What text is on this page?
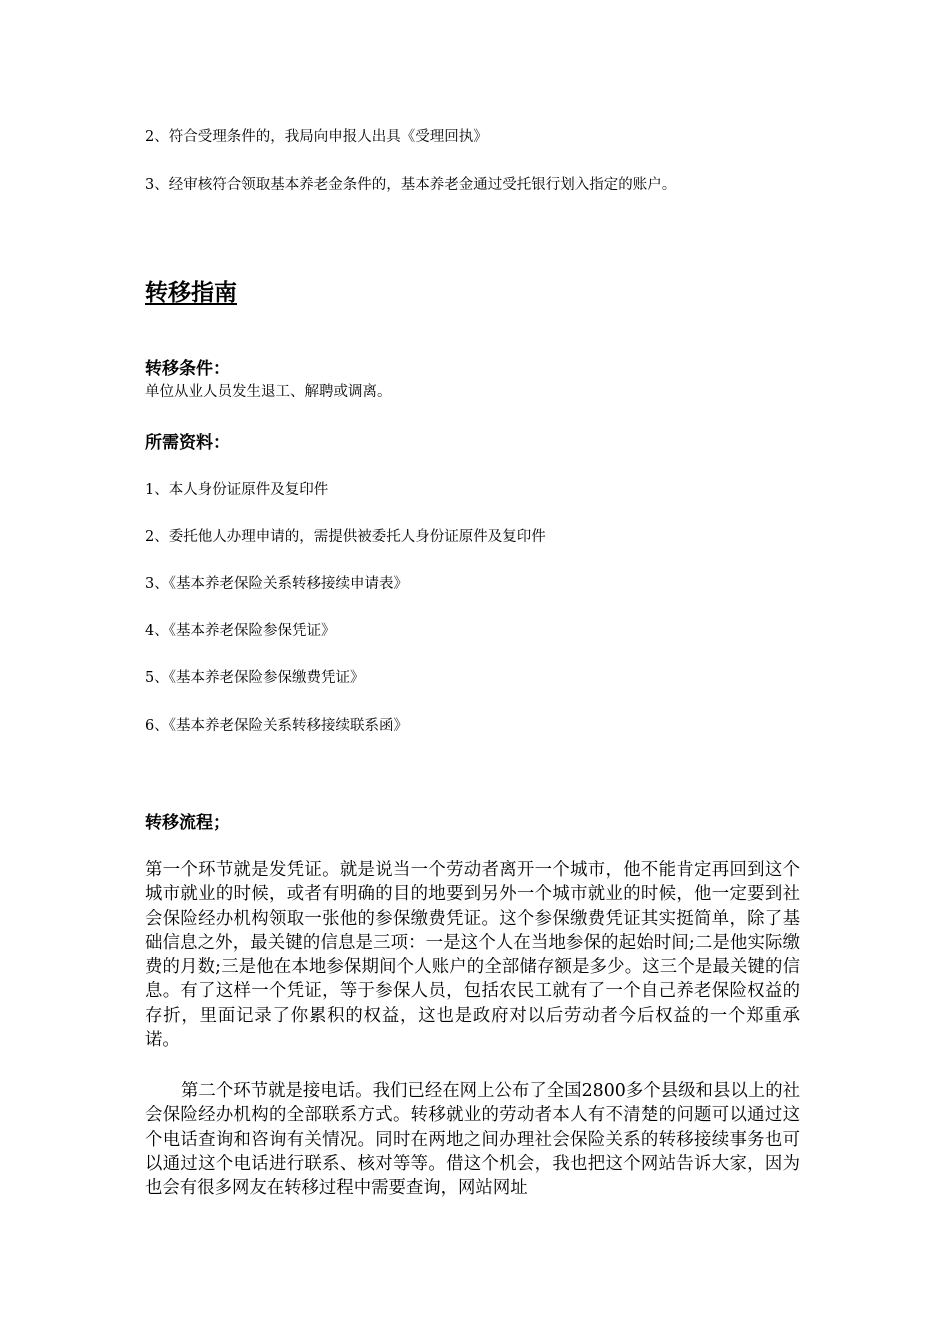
2、符合受理条件的，我局向申报人出具《受理回执》
3、经审核符合领取基本养老金条件的，基本养老金通过受托银行划入指定的账户。
转移指南
转移条件：
单位从业人员发生退工、解聘或调离。
所需资料：
1、本人身份证原件及复印件
2、委托他人办理申请的，需提供被委托人身份证原件及复印件
3、《基本养老保险关系转移接续申请表》
4、《基本养老保险参保凭证》
5、《基本养老保险参保缴费凭证》
6、《基本养老保险关系转移接续联系函》
转移流程；

第一个环节就是发凭证。就是说当一个劳动者离开一个城市，他不能肯定再回到这个城市就业的时候，或者有明确的目的地要到另外一个城市就业的时候，他一定要到社会保险经办机构领取一张他的参保缴费凭证。这个参保缴费凭证其实挺简单，除了基础信息之外，最关键的信息是三项：一是这个人在当地参保的起始时间;二是他实际缴费的月数;三是他在本地参保期间个人账户的全部储存额是多少。这三个是最关键的信息。有了这样一个凭证，等于参保人员，包括农民工就有了一个自己养老保险权益的存折，里面记录了你累积的权益，这也是政府对以后劳动者今后权益的一个郑重承诺。

第二个环节就是接电话。我们已经在网上公布了全国2800多个县级和县以上的社会保险经办机构的全部联系方式。转移就业的劳动者本人有不清楚的问题可以通过这个电话查询和咨询有关情况。同时在两地之间办理社会保险关系的转移接续事务也可以通过这个电话进行联系、核对等等。借这个机会，我也把这个网站告诉大家，因为也会有很多网友在转移过程中需要查询，网站网址
